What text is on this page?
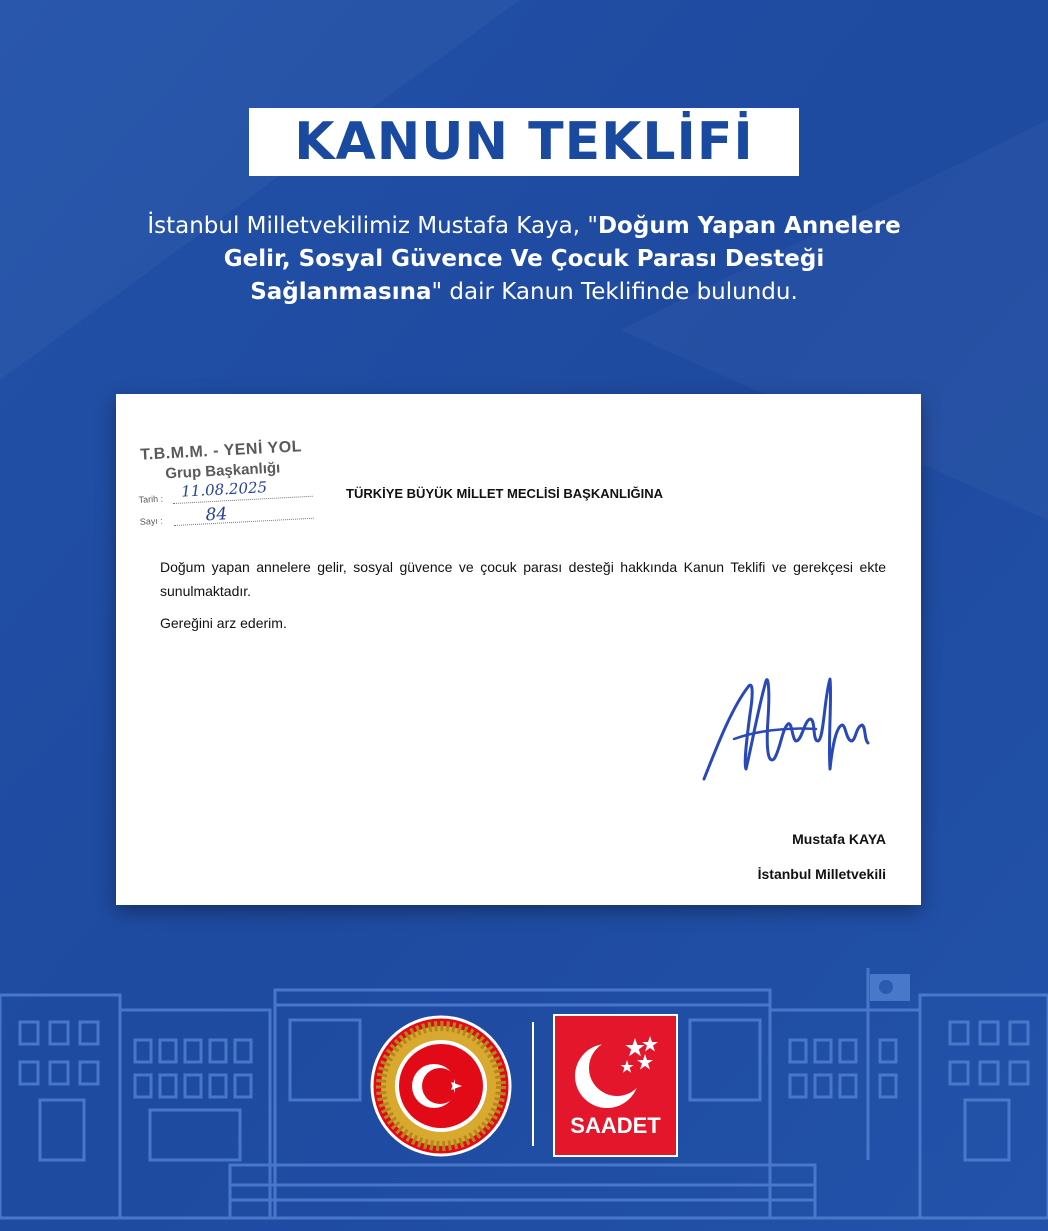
KANUN TEKLİFİ
İstanbul Milletvekilimiz Mustafa Kaya, "Doğum Yapan Annelere Gelir, Sosyal Güvence Ve Çocuk Parası Desteği Sağlanmasına" dair Kanun Teklifinde bulundu.
T.B.M.M. - YENİ YOL
Grup Başkanlığı
Tarih : 11.08.2025
Sayı : 84
TÜRKİYE BÜYÜK MİLLET MECLİSİ BAŞKANLIĞINA
Doğum yapan annelere gelir, sosyal güvence ve çocuk parası desteği hakkında Kanun Teklifi ve gerekçesi ekte sunulmaktadır.
Gereğini arz ederim.
Mustafa KAYA
İstanbul Milletvekili
SAADET
